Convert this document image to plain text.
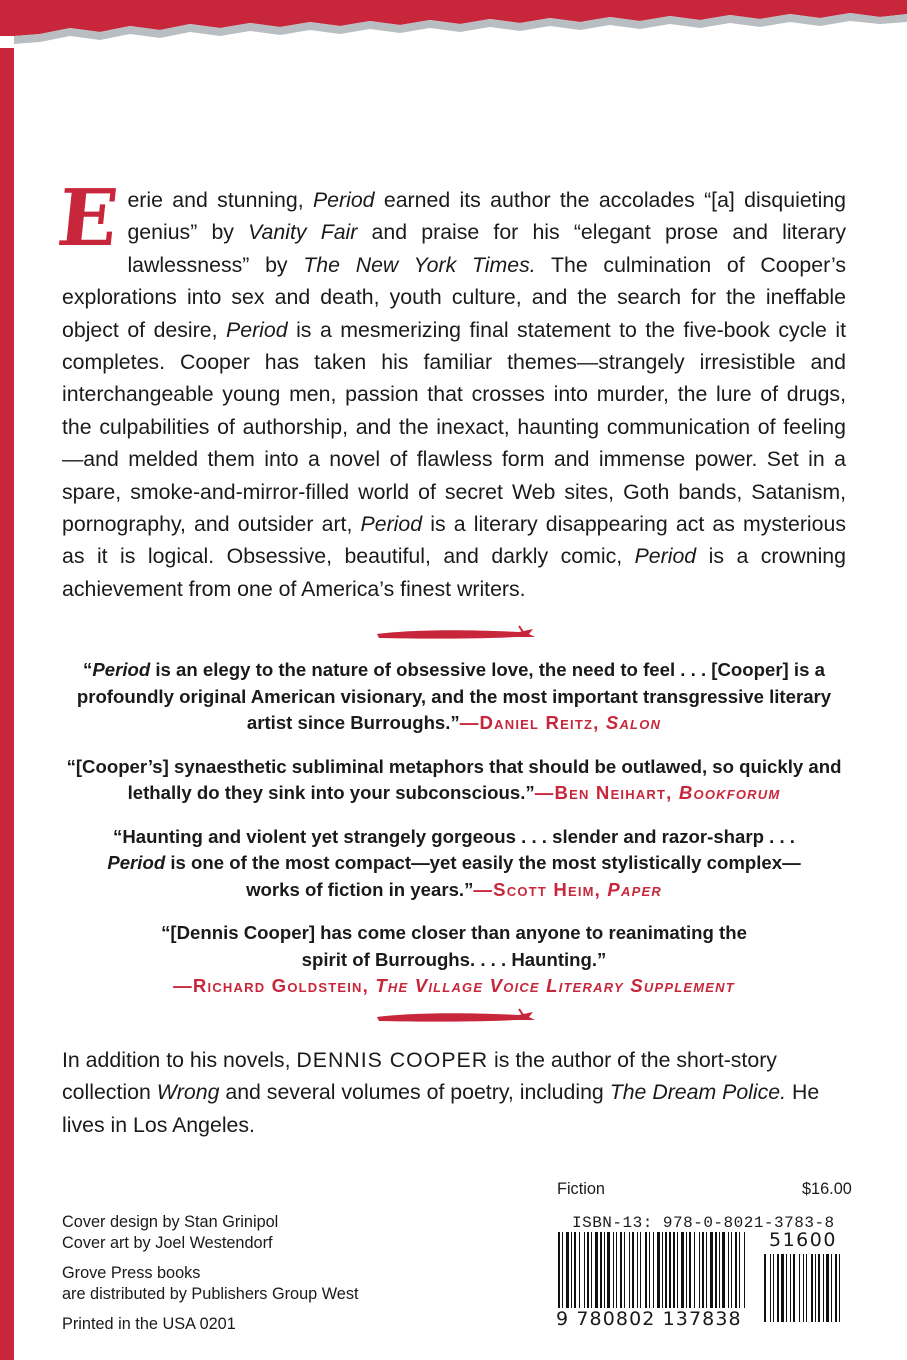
Eerie and stunning, Period earned its author the accolades “[a] disquieting genius” by Vanity Fair and praise for his “elegant prose and literary lawlessness” by The New York Times. The culmination of Cooper’s explorations into sex and death, youth culture, and the search for the ineffable object of desire, Period is a mesmerizing final statement to the five-book cycle it completes. Cooper has taken his familiar themes—strangely irresistible and interchangeable young men, passion that crosses into murder, the lure of drugs, the culpabilities of authorship, and the inexact, haunting communication of feeling—and melded them into a novel of flawless form and immense power. Set in a spare, smoke-and-mirror-filled world of secret Web sites, Goth bands, Satanism, pornography, and outsider art, Period is a literary disappearing act as mysterious as it is logical. Obsessive, beautiful, and darkly comic, Period is a crowning achievement from one of America’s finest writers.

“Period is an elegy to the nature of obsessive love, the need to feel . . . [Cooper] is a profoundly original American visionary, and the most important transgressive literary artist since Burroughs.”—Daniel Reitz, Salon

“[Cooper’s] synaesthetic subliminal metaphors that should be outlawed, so quickly and lethally do they sink into your subconscious.”—Ben Neihart, Bookforum

“Haunting and violent yet strangely gorgeous . . . slender and razor-sharp . . . Period is one of the most compact—yet easily the most stylistically complex—works of fiction in years.”—Scott Heim, Paper

“[Dennis Cooper] has come closer than anyone to reanimating the spirit of Burroughs. . . . Haunting.”
—Richard Goldstein, The Village Voice Literary Supplement

In addition to his novels, DENNIS COOPER is the author of the short-story collection Wrong and several volumes of poetry, including The Dream Police. He lives in Los Angeles.

Fiction	$16.00

Cover design by Stan Grinipol
Cover art by Joel Westendorf

Grove Press books
are distributed by Publishers Group West

Printed in the USA 0201

ISBN-13: 978-0-8021-3783-8
51600
9 780802 137838
